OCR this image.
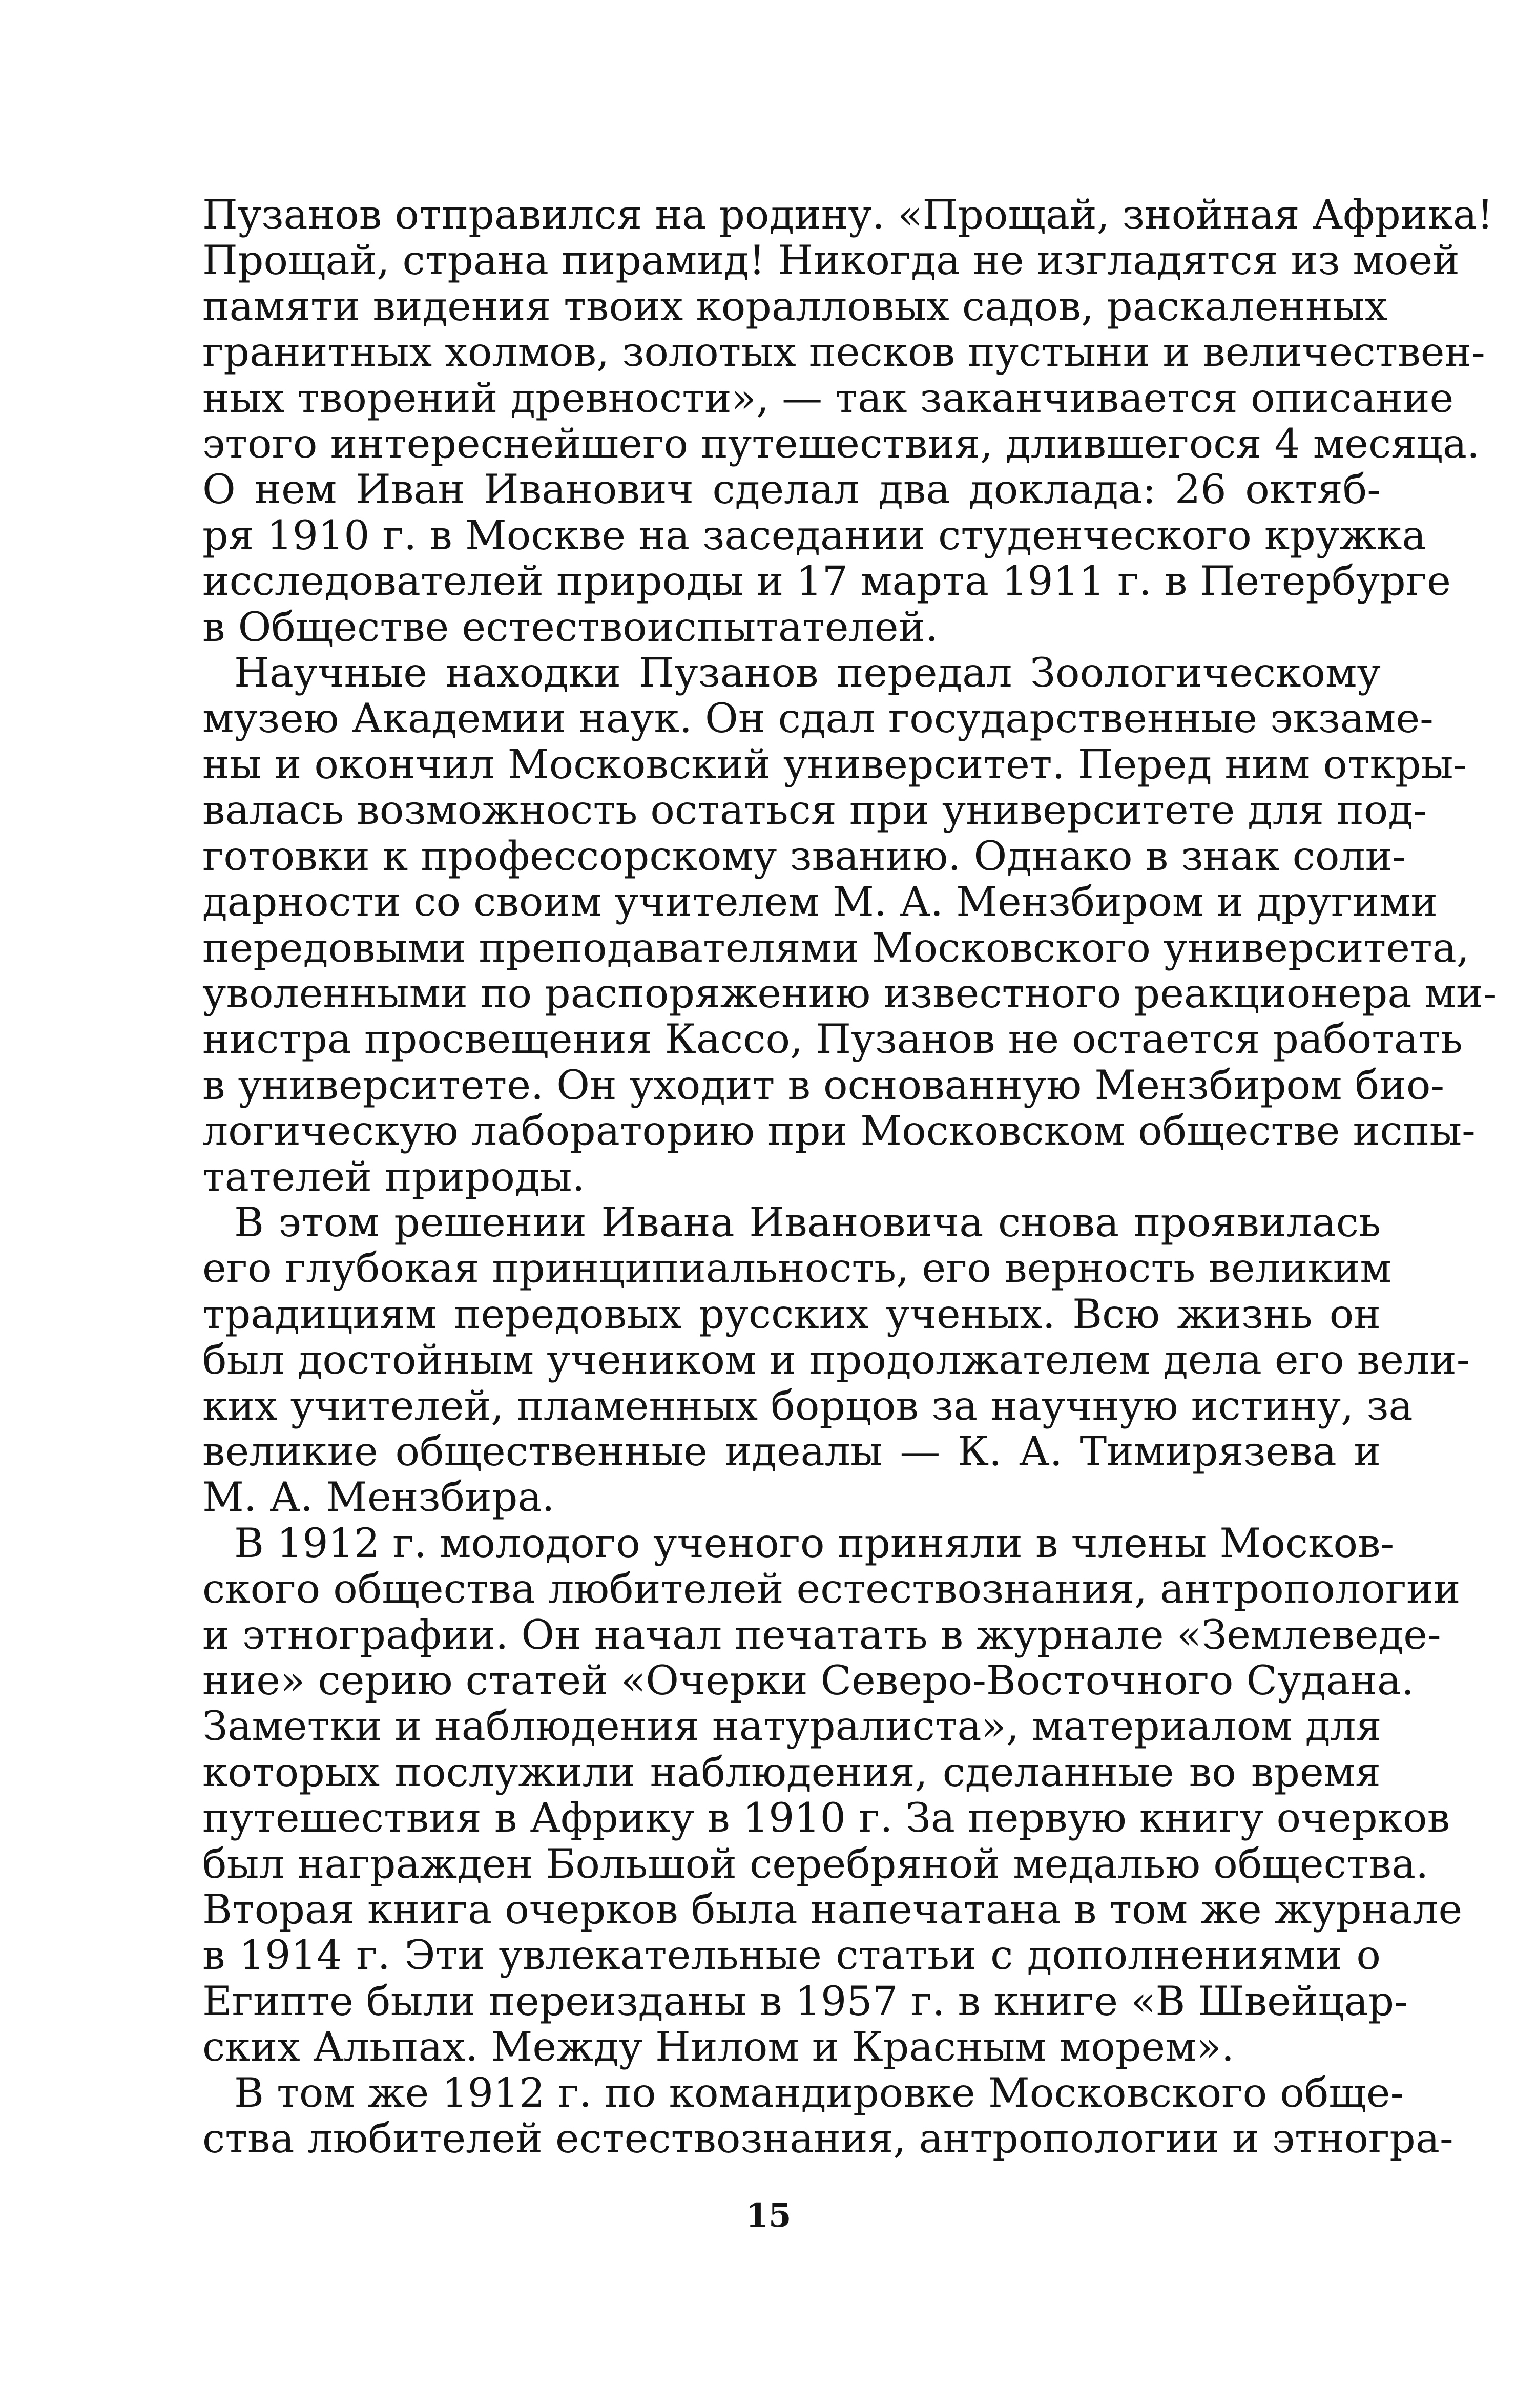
Пузанов отправился на родину. «Прощай, знойная Африка!
Прощай, страна пирамид! Никогда не изгладятся из моей
памяти видения твоих коралловых садов, раскаленных
гранитных холмов, золотых песков пустыни и величествен-
ных творений древности», — так заканчивается описание
этого интереснейшего путешествия, длившегося 4 месяца.
О нем Иван Иванович сделал два доклада: 26 октяб-
ря 1910 г. в Москве на заседании студенческого кружка
исследователей природы и 17 марта 1911 г. в Петербурге
в Обществе естествоиспытателей.
Научные находки Пузанов передал Зоологическому
музею Академии наук. Он сдал государственные экзаме-
ны и окончил Московский университет. Перед ним откры-
валась возможность остаться при университете для под-
готовки к профессорскому званию. Однако в знак соли-
дарности со своим учителем М. А. Мензбиром и другими
передовыми преподавателями Московского университета,
уволенными по распоряжению известного реакционера ми-
нистра просвещения Кассо, Пузанов не остается работать
в университете. Он уходит в основанную Мензбиром био-
логическую лабораторию при Московском обществе испы-
тателей природы.
В этом решении Ивана Ивановича снова проявилась
его глубокая принципиальность, его верность великим
традициям передовых русских ученых. Всю жизнь он
был достойным учеником и продолжателем дела его вели-
ких учителей, пламенных борцов за научную истину, за
великие общественные идеалы — К. А. Тимирязева и
М. А. Мензбира.
В 1912 г. молодого ученого приняли в члены Москов-
ского общества любителей естествознания, антропологии
и этнографии. Он начал печатать в журнале «Землеведе-
ние» серию статей «Очерки Северо-Восточного Судана.
Заметки и наблюдения натуралиста», материалом для
которых послужили наблюдения, сделанные во время
путешествия в Африку в 1910 г. За первую книгу очерков
был награжден Большой серебряной медалью общества.
Вторая книга очерков была напечатана в том же журнале
в 1914 г. Эти увлекательные статьи с дополнениями о
Египте были переизданы в 1957 г. в книге «В Швейцар-
ских Альпах. Между Нилом и Красным морем».
В том же 1912 г. по командировке Московского обще-
ства любителей естествознания, антропологии и этногра-
15
